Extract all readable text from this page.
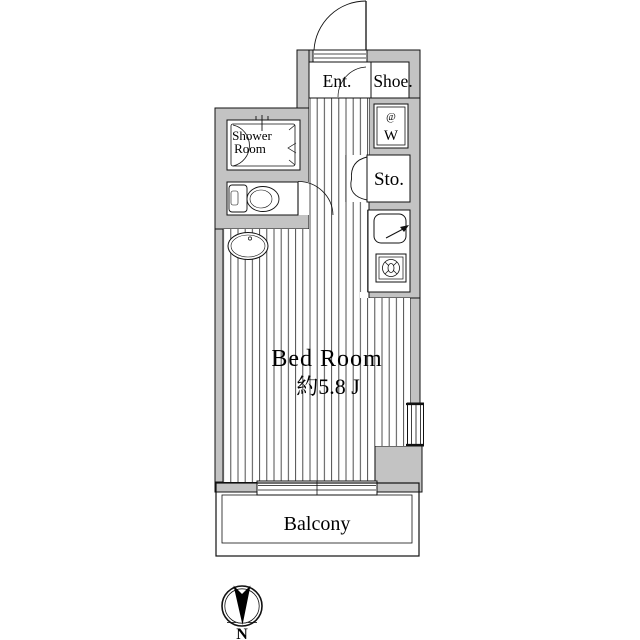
Ent. Shoe.
@
W
Sto.
Shower
Room
Bed Room
約5.8 J
Balcony
N
